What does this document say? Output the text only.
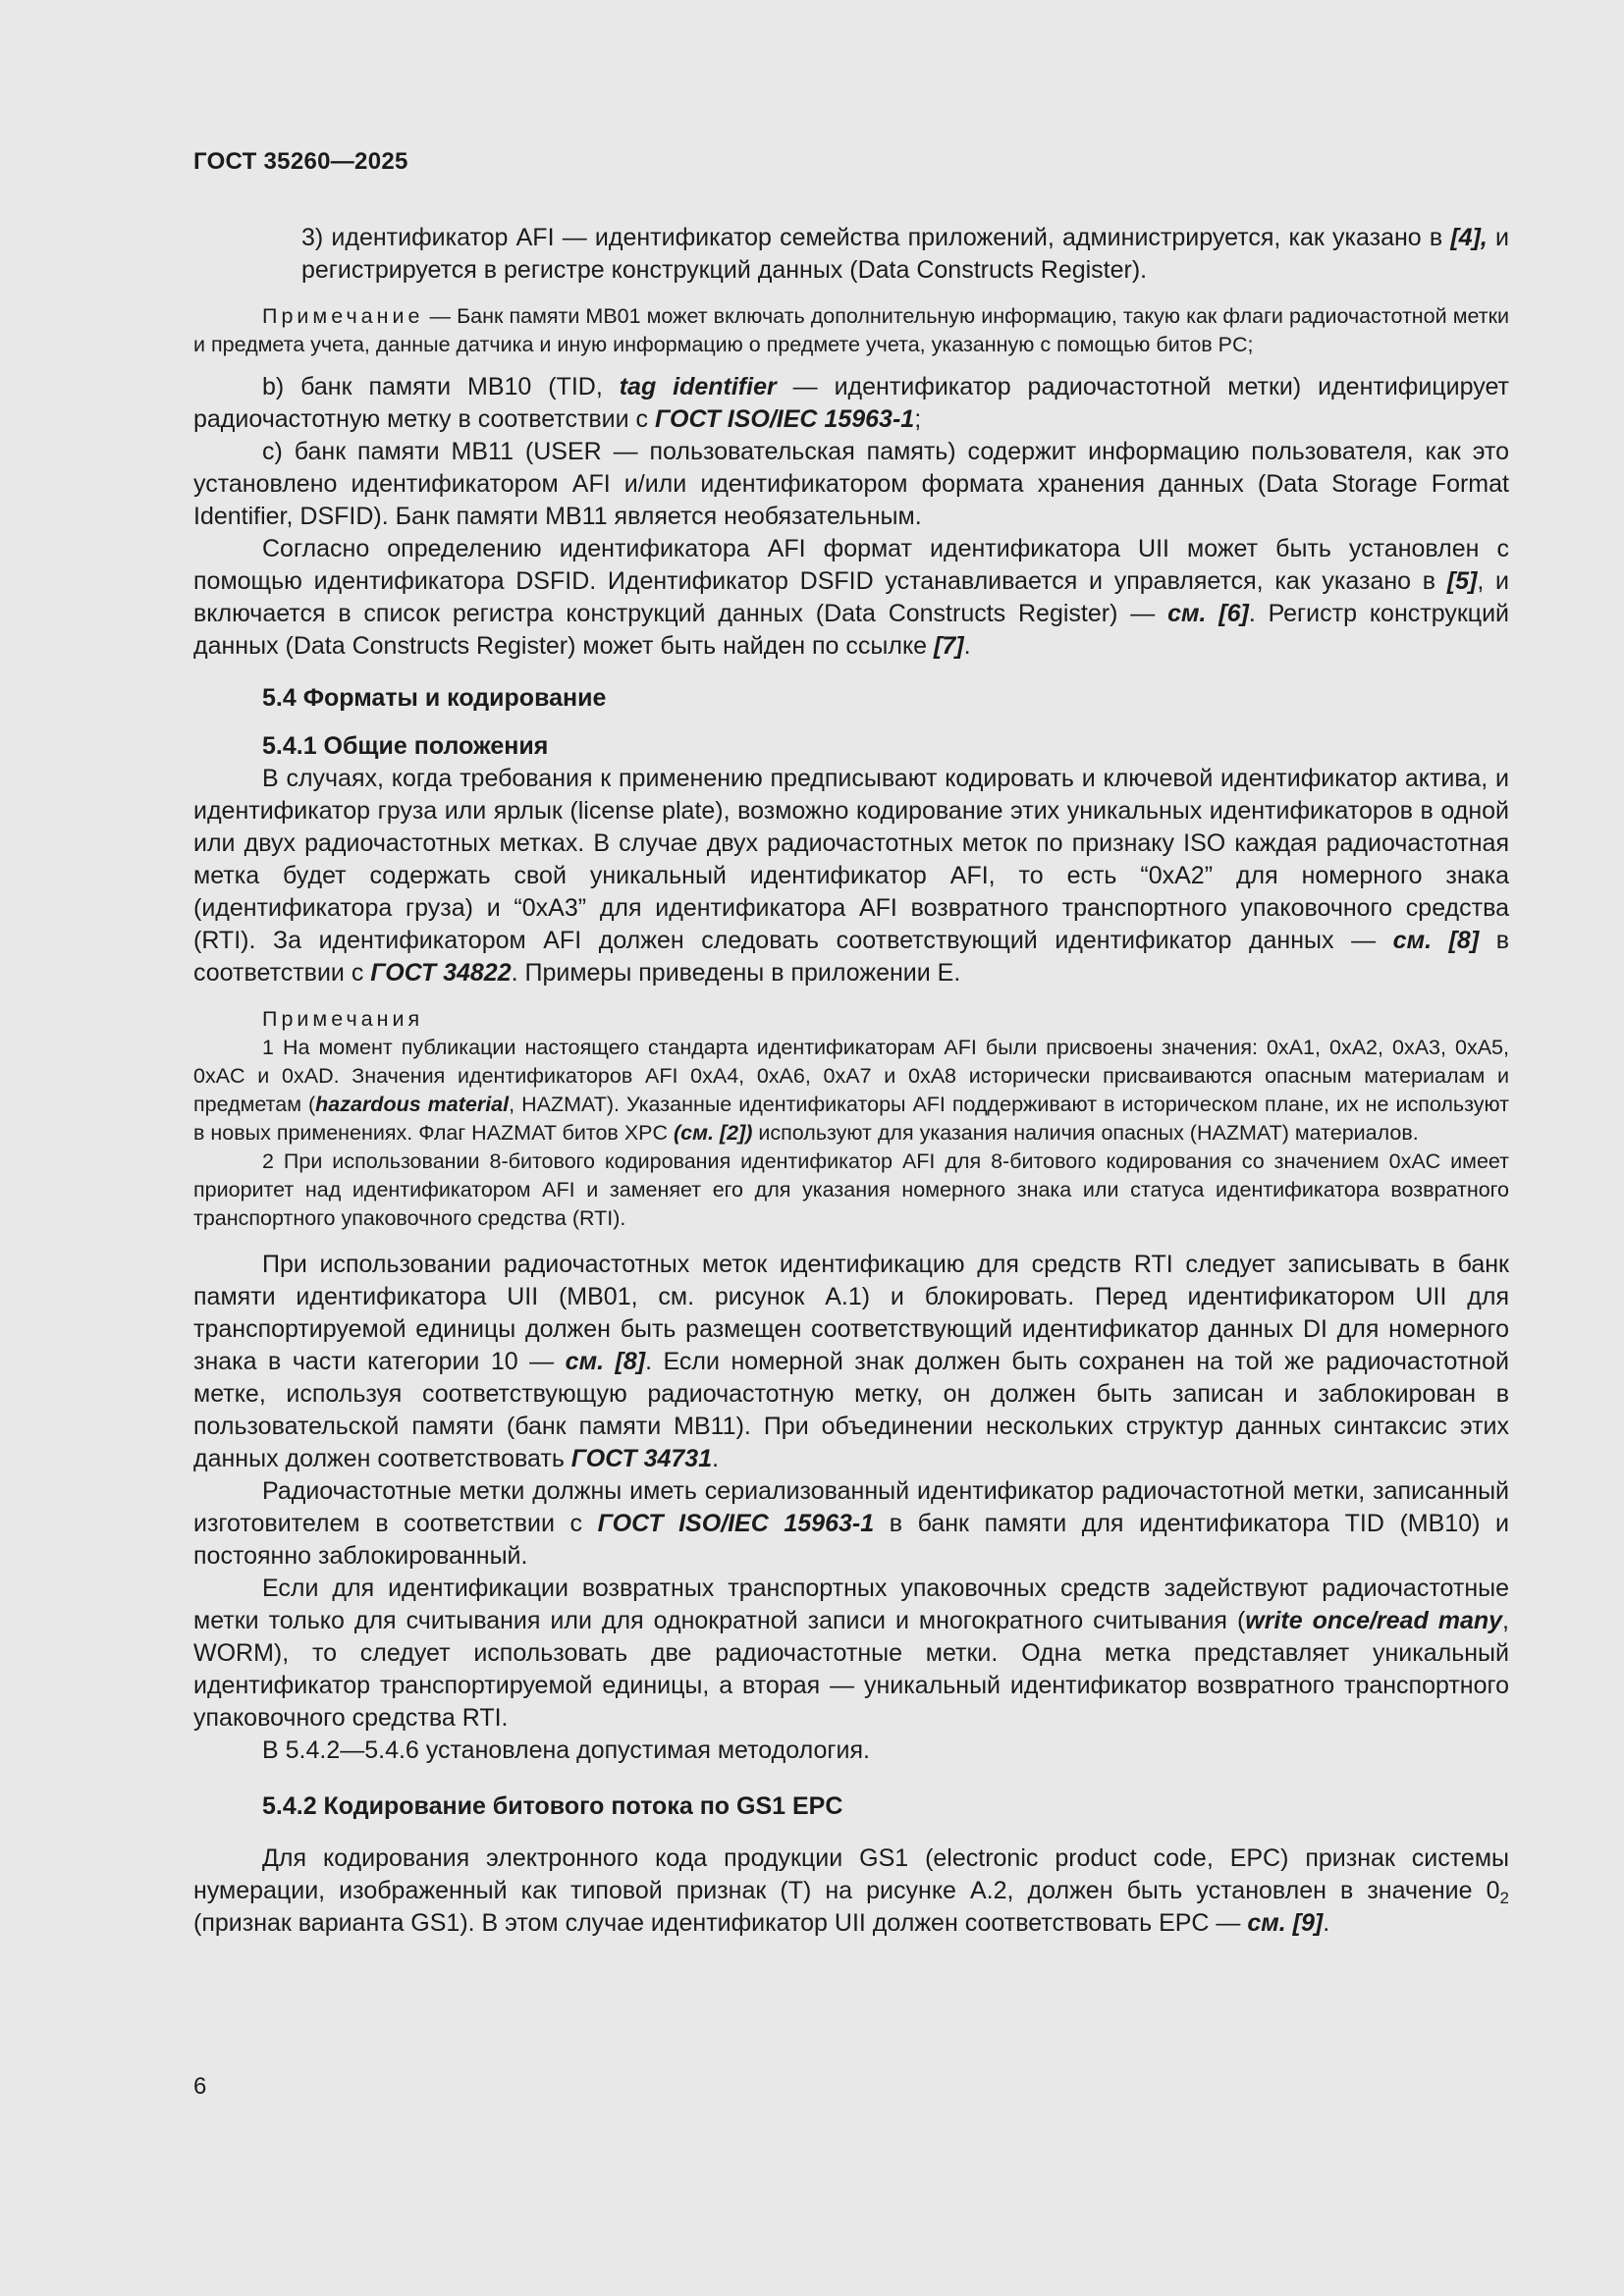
ГОСТ 35260—2025

3) идентификатор AFI — идентификатор семейства приложений, администрируется, как указано в [4], и регистрируется в регистре конструкций данных (Data Constructs Register).

Примечание — Банк памяти MB01 может включать дополнительную информацию, такую как флаги радиочастотной метки и предмета учета, данные датчика и иную информацию о предмете учета, указанную с помощью битов PC;

b) банк памяти MB10 (TID, tag identifier — идентификатор радиочастотной метки) идентифицирует радиочастотную метку в соответствии с ГОСТ ISO/IEC 15963-1;

c) банк памяти MB11 (USER — пользовательская память) содержит информацию пользователя, как это установлено идентификатором AFI и/или идентификатором формата хранения данных (Data Storage Format Identifier, DSFID). Банк памяти MB11 является необязательным.

Согласно определению идентификатора AFI формат идентификатора UII может быть установлен с помощью идентификатора DSFID. Идентификатор DSFID устанавливается и управляется, как указано в [5], и включается в список регистра конструкций данных (Data Constructs Register) — см. [6]. Регистр конструкций данных (Data Constructs Register) может быть найден по ссылке [7].

5.4 Форматы и кодирование

5.4.1 Общие положения

В случаях, когда требования к применению предписывают кодировать и ключевой идентификатор актива, и идентификатор груза или ярлык (license plate), возможно кодирование этих уникальных идентификаторов в одной или двух радиочастотных метках. В случае двух радиочастотных меток по признаку ISO каждая радиочастотная метка будет содержать свой уникальный идентификатор AFI, то есть “0xA2” для номерного знака (идентификатора груза) и “0xA3” для идентификатора AFI возвратного транспортного упаковочного средства (RTI). За идентификатором AFI должен следовать соответствующий идентификатор данных — см. [8] в соответствии с ГОСТ 34822. Примеры приведены в приложении Е.

Примечания

1 На момент публикации настоящего стандарта идентификаторам AFI были присвоены значения: 0xA1, 0xA2, 0xA3, 0xA5, 0xAC и 0xAD. Значения идентификаторов AFI 0xA4, 0xA6, 0xA7 и 0xA8 исторически присваиваются опасным материалам и предметам (hazardous material, HAZMAT). Указанные идентификаторы AFI поддерживают в историческом плане, их не используют в новых применениях. Флаг HAZMAT битов XPC (см. [2]) используют для указания наличия опасных (HAZMAT) материалов.

2 При использовании 8-битового кодирования идентификатор AFI для 8-битового кодирования со значением 0xAC имеет приоритет над идентификатором AFI и заменяет его для указания номерного знака или статуса идентификатора возвратного транспортного упаковочного средства (RTI).

При использовании радиочастотных меток идентификацию для средств RTI следует записывать в банк памяти идентификатора UII (MB01, см. рисунок А.1) и блокировать. Перед идентификатором UII для транспортируемой единицы должен быть размещен соответствующий идентификатор данных DI для номерного знака в части категории 10 — см. [8]. Если номерной знак должен быть сохранен на той же радиочастотной метке, используя соответствующую радиочастотную метку, он должен быть записан и заблокирован в пользовательской памяти (банк памяти MB11). При объединении нескольких структур данных синтаксис этих данных должен соответствовать ГОСТ 34731.

Радиочастотные метки должны иметь сериализованный идентификатор радиочастотной метки, записанный изготовителем в соответствии с ГОСТ ISO/IEC 15963-1 в банк памяти для идентификатора TID (MB10) и постоянно заблокированный.

Если для идентификации возвратных транспортных упаковочных средств задействуют радиочастотные метки только для считывания или для однократной записи и многократного считывания (write once/read many, WORM), то следует использовать две радиочастотные метки. Одна метка представляет уникальный идентификатор транспортируемой единицы, а вторая — уникальный идентификатор возвратного транспортного упаковочного средства RTI.

В 5.4.2—5.4.6 установлена допустимая методология.

5.4.2 Кодирование битового потока по GS1 EPC

Для кодирования электронного кода продукции GS1 (electronic product code, EPC) признак системы нумерации, изображенный как типовой признак (Т) на рисунке А.2, должен быть установлен в значение $0_2$ (признак варианта GS1). В этом случае идентификатор UII должен соответствовать EPC — см. [9].

6
